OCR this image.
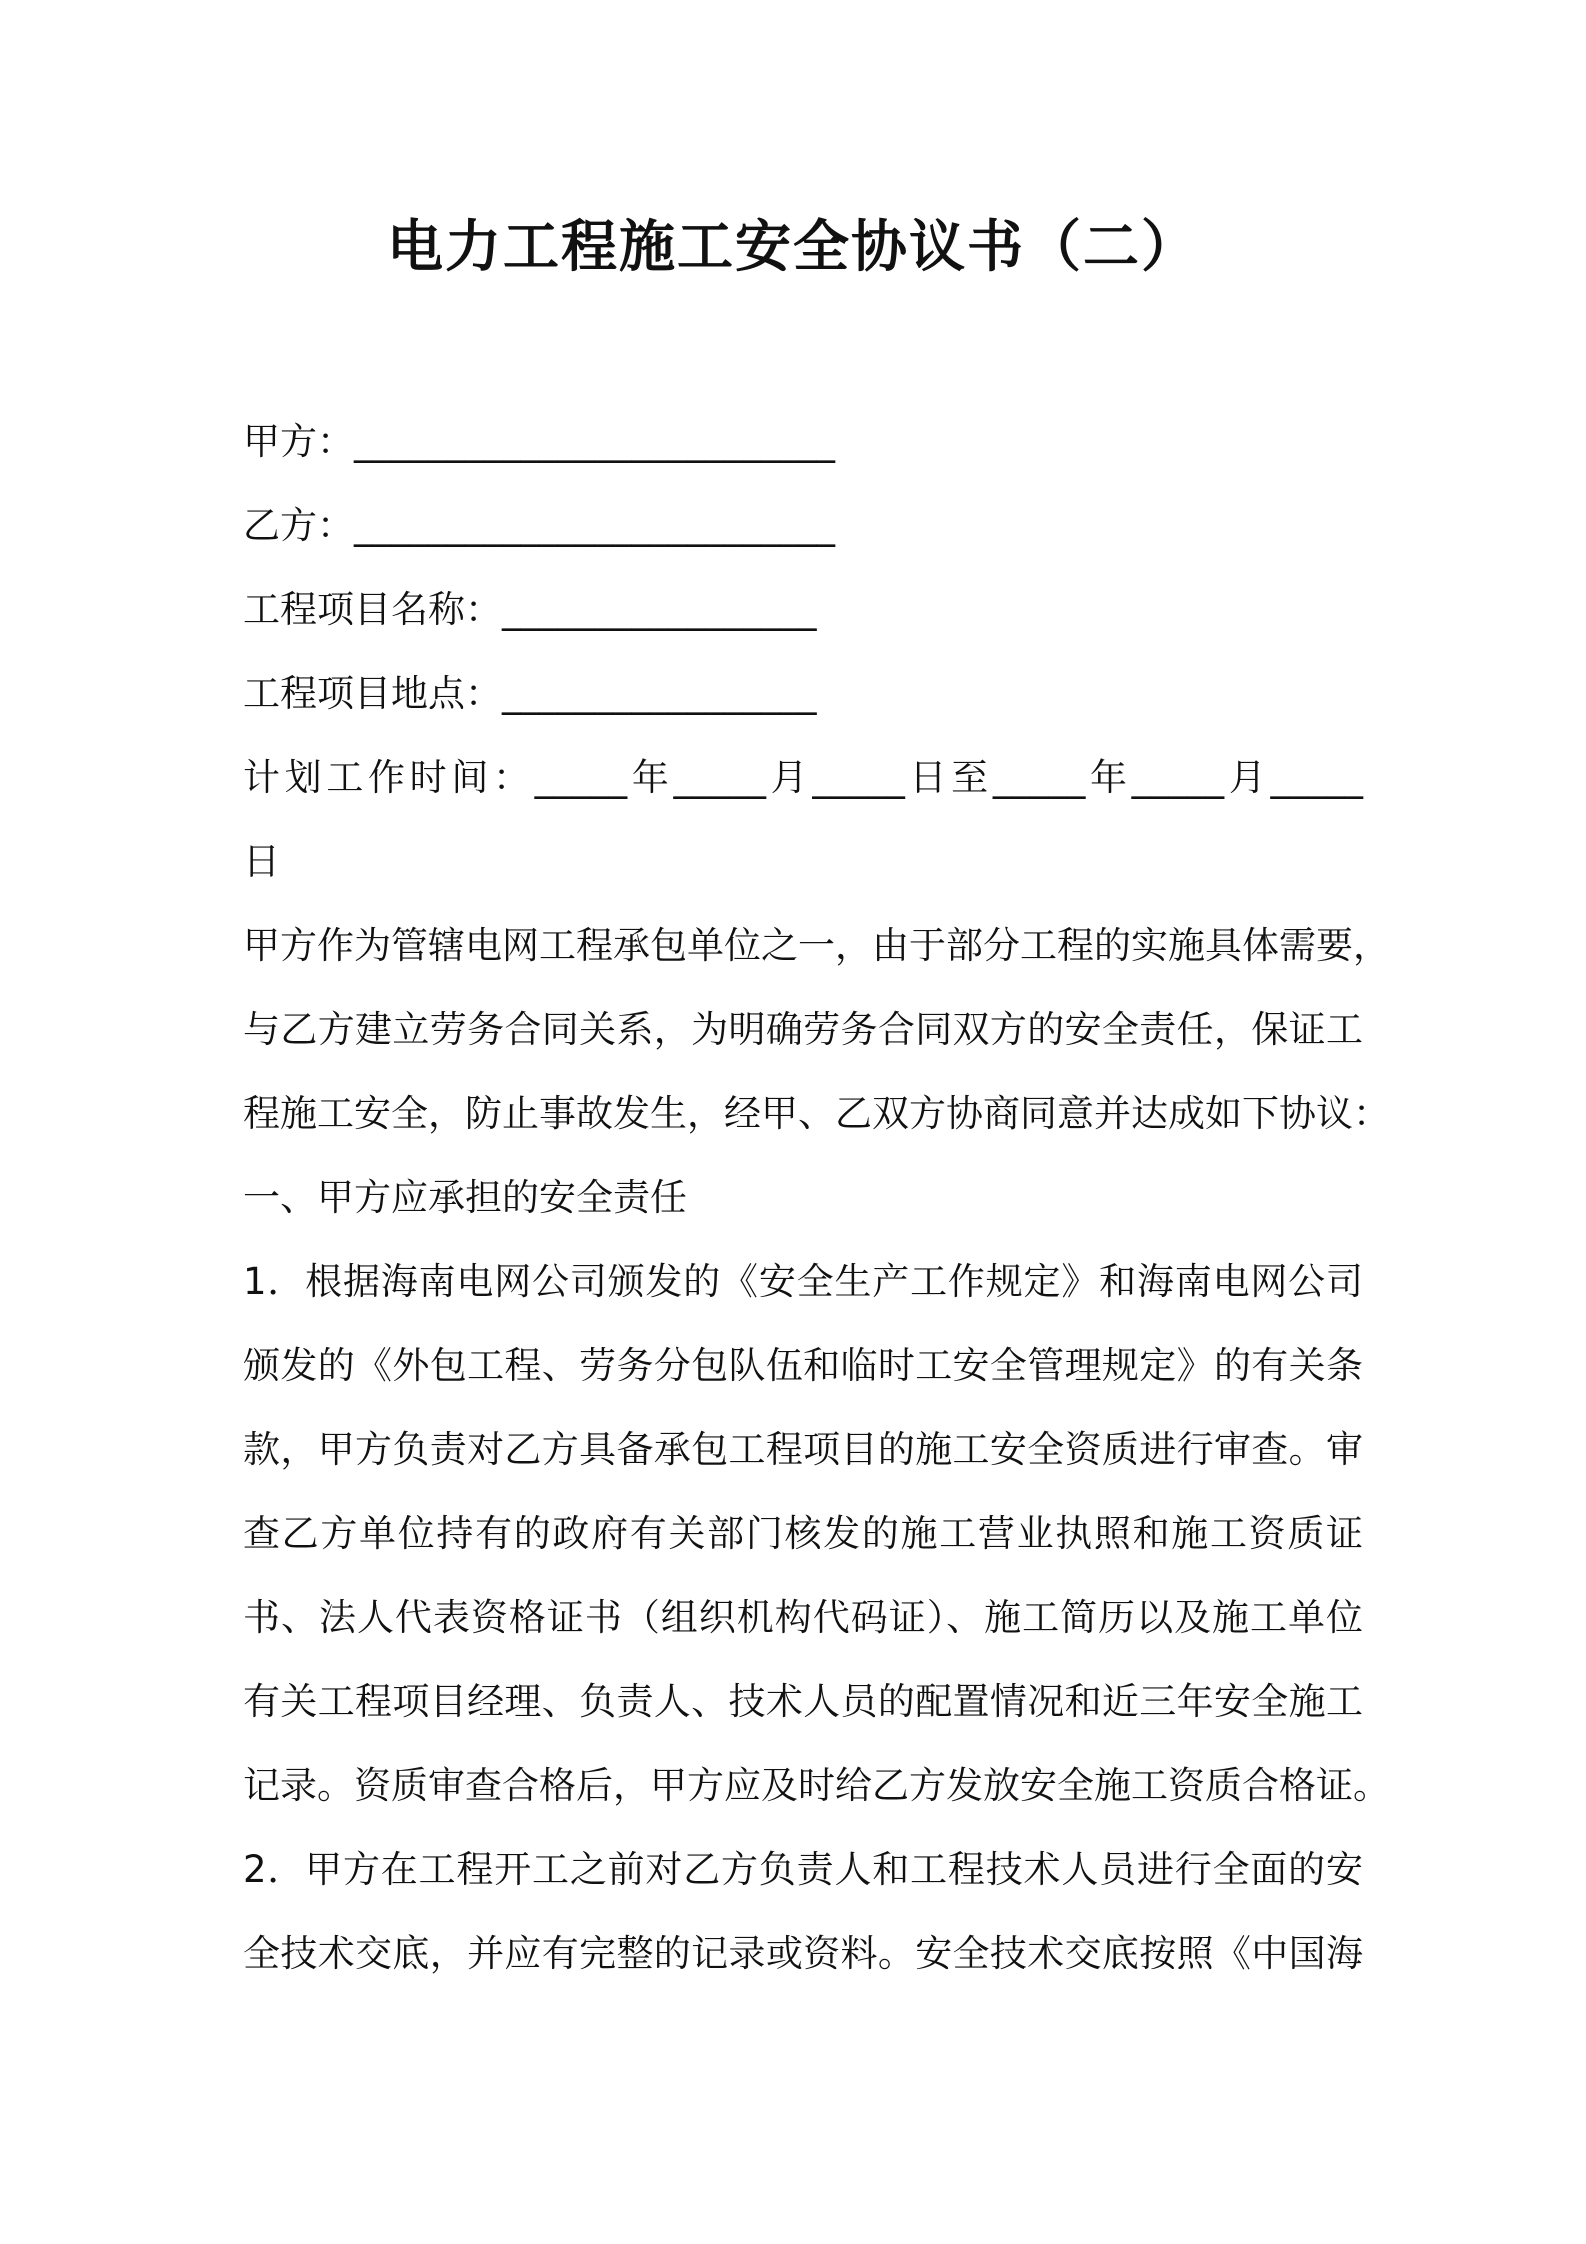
电力工程施工安全协议书（二）

甲方：__________________________

乙方：__________________________

工程项目名称：_________________

工程项目地点：_________________

计划工作时间：_____年_____月_____日至_____年_____月_____

日

甲方作为管辖电网工程承包单位之一，由于部分工程的实施具体需要，

与乙方建立劳务合同关系，为明确劳务合同双方的安全责任，保证工

程施工安全，防止事故发生，经甲、乙双方协商同意并达成如下协议：

一、甲方应承担的安全责任

1．根据海南电网公司颁发的《安全生产工作规定》和海南电网公司

颁发的《外包工程、劳务分包队伍和临时工安全管理规定》的有关条

款，甲方负责对乙方具备承包工程项目的施工安全资质进行审查。审

查乙方单位持有的政府有关部门核发的施工营业执照和施工资质证

书、法人代表资格证书（组织机构代码证）、施工简历以及施工单位

有关工程项目经理、负责人、技术人员的配置情况和近三年安全施工

记录。资质审查合格后，甲方应及时给乙方发放安全施工资质合格证。

2．甲方在工程开工之前对乙方负责人和工程技术人员进行全面的安

全技术交底，并应有完整的记录或资料。安全技术交底按照《中国海
